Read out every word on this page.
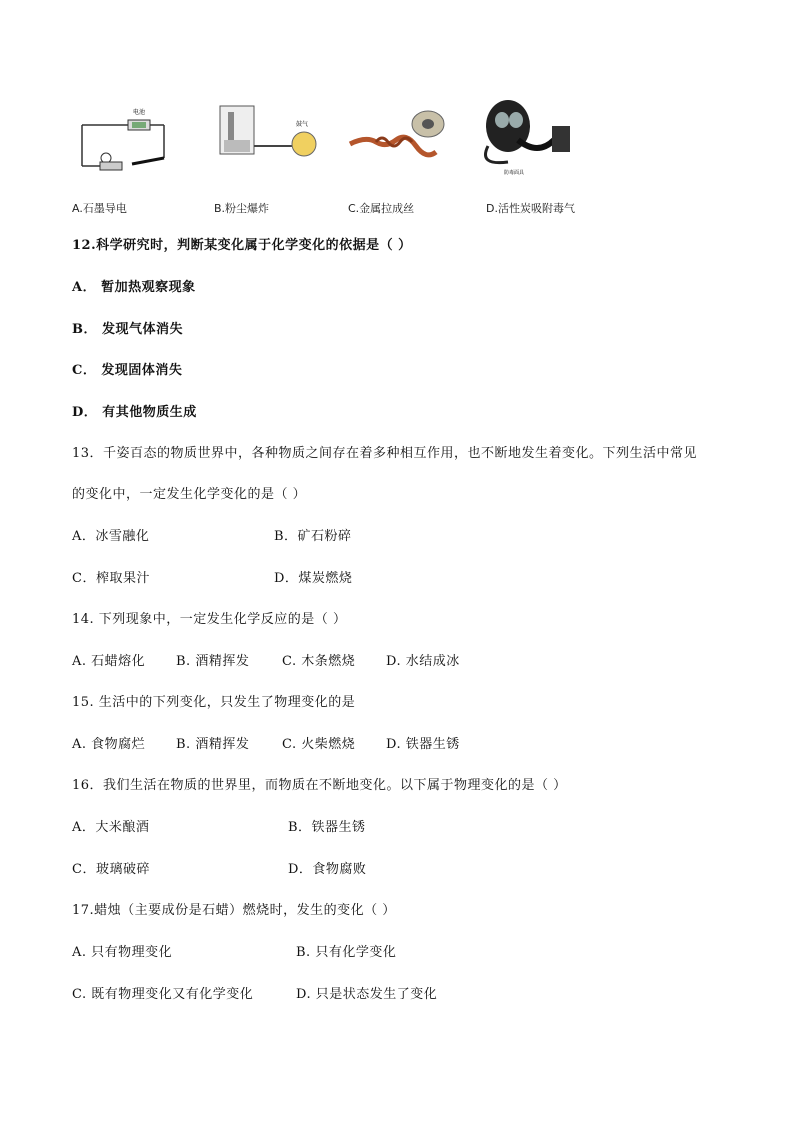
电池
A.石墨导电
鼓气
B.粉尘爆炸	C.金属拉成丝
防毒面具
D.活性炭吸附毒气
12.科学研究时，判断某变化属于化学变化的依据是（ ）
A． 暂加热观察现象
B． 发现气体消失
C． 发现固体消失
D． 有其他物质生成
13．千姿百态的物质世界中，各种物质之间存在着多种相互作用，也不断地发生着变化。下列生活中常见
的变化中，一定发生化学变化的是（ ）
A．冰雪融化	B．矿石粉碎
C．榨取果汁	D．煤炭燃烧
14. 下列现象中，一定发生化学反应的是（ ）
A. 石蜡熔化 B. 酒精挥发	C. 木条燃烧 D. 水结成冰
15. 生活中的下列变化，只发生了物理变化的是
A. 食物腐烂 B. 酒精挥发	C. 火柴燃烧 D. 铁器生锈
16．我们生活在物质的世界里，而物质在不断地变化。以下属于物理变化的是（ ）
A．大米酿酒	B．铁器生锈
C．玻璃破碎	D．食物腐败
17.蜡烛（主要成份是石蜡）燃烧时，发生的变化（ ）
A. 只有物理变化	B. 只有化学变化
C. 既有物理变化又有化学变化	D. 只是状态发生了变化
